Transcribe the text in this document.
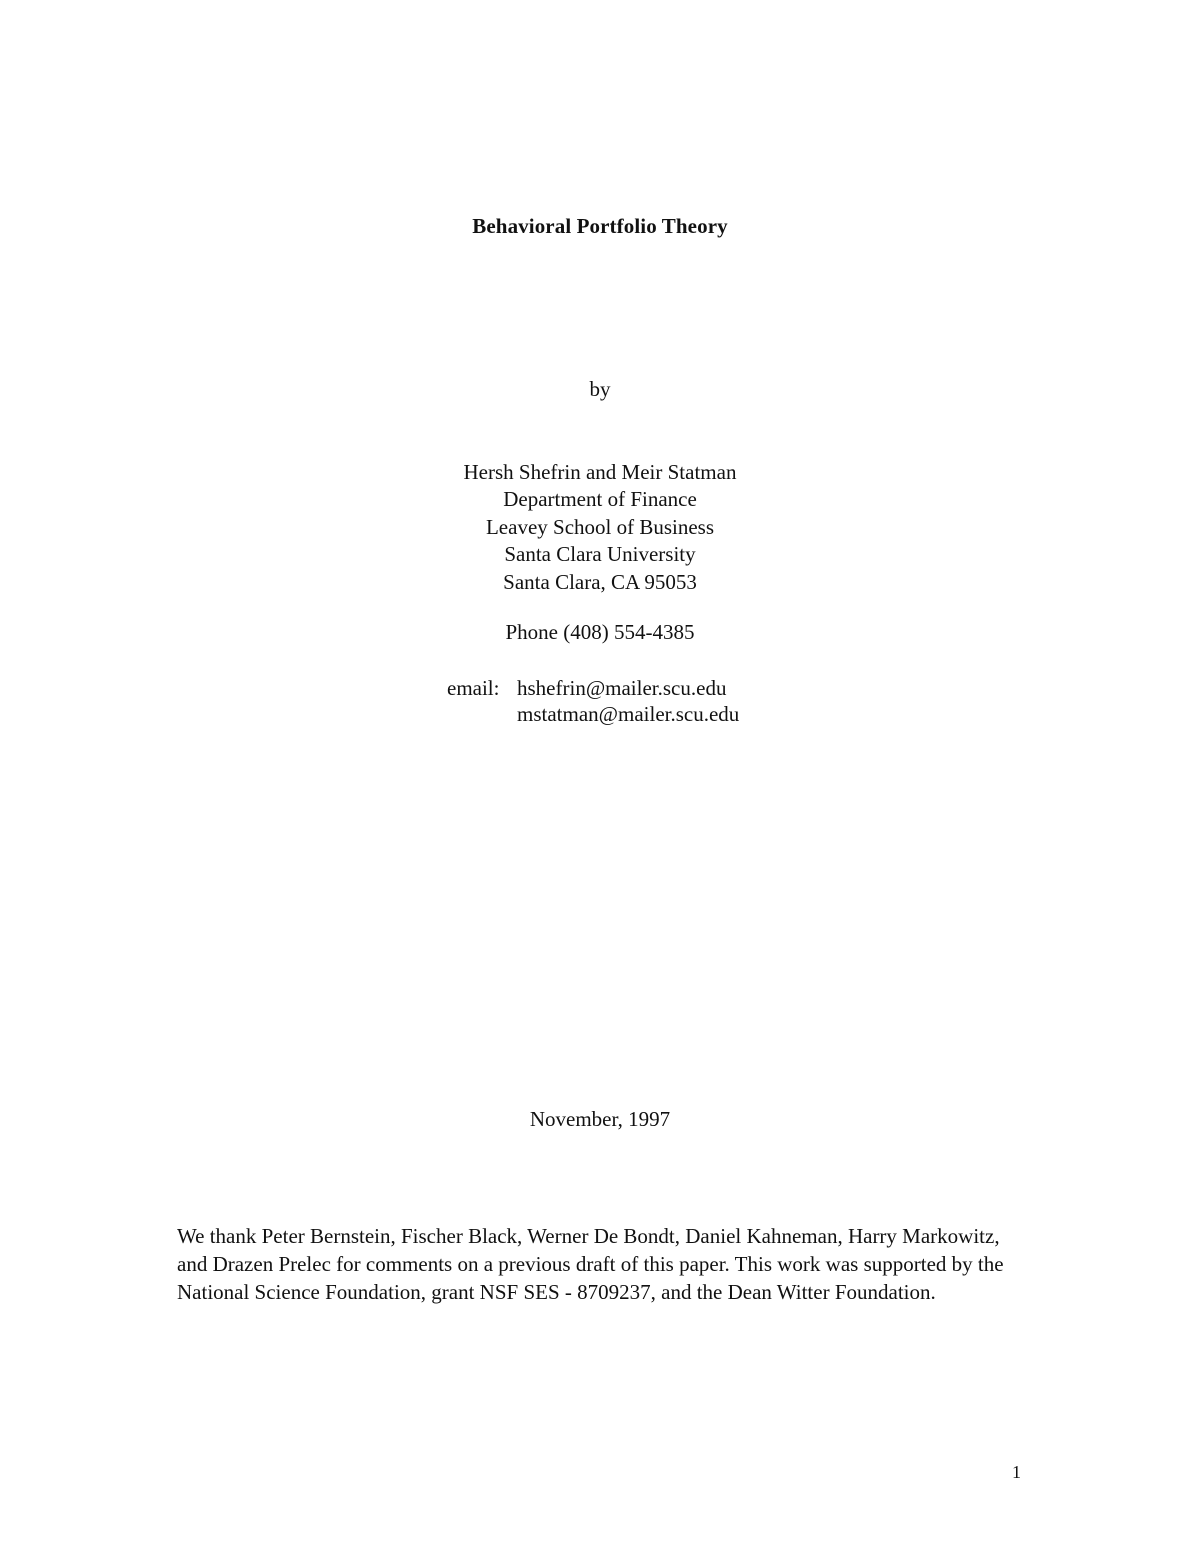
Behavioral Portfolio Theory
by
Hersh Shefrin and Meir Statman
Department of Finance
Leavey School of Business
Santa Clara University
Santa Clara, CA 95053
Phone (408) 554-4385
email: hshefrin@mailer.scu.edu
mstatman@mailer.scu.edu
November, 1997
We thank Peter Bernstein, Fischer Black, Werner De Bondt, Daniel Kahneman, Harry Markowitz, and Drazen Prelec for comments on a previous draft of this paper. This work was supported by the National Science Foundation, grant NSF SES - 8709237, and the Dean Witter Foundation.
1
